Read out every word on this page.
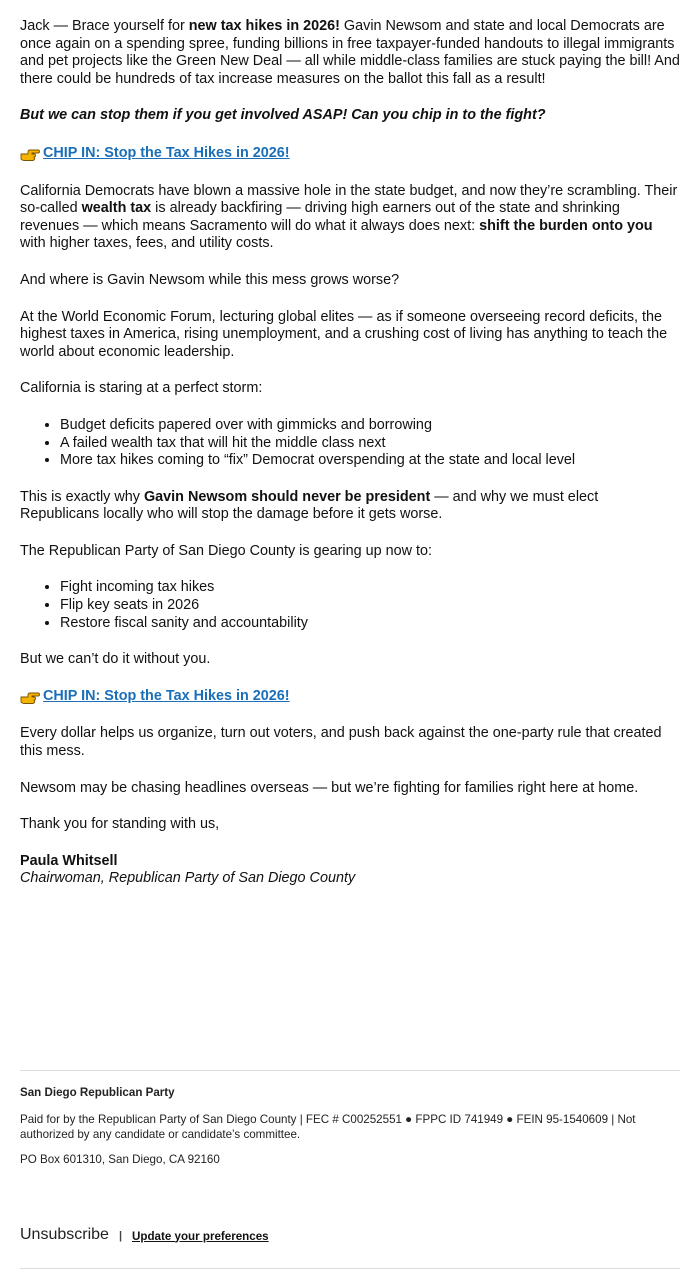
Jack — Brace yourself for new tax hikes in 2026! Gavin Newsom and state and local Democrats are once again on a spending spree, funding billions in free taxpayer-funded handouts to illegal immigrants and pet projects like the Green New Deal — all while middle-class families are stuck paying the bill! And there could be hundreds of tax increase measures on the ballot this fall as a result!

But we can stop them if you get involved ASAP! Can you chip in to the fight?

CHIP IN: Stop the Tax Hikes in 2026!

California Democrats have blown a massive hole in the state budget, and now they’re scrambling. Their so-called wealth tax is already backfiring — driving high earners out of the state and shrinking revenues — which means Sacramento will do what it always does next: shift the burden onto you with higher taxes, fees, and utility costs.

And where is Gavin Newsom while this mess grows worse?

At the World Economic Forum, lecturing global elites — as if someone overseeing record deficits, the highest taxes in America, rising unemployment, and a crushing cost of living has anything to teach the world about economic leadership.

California is staring at a perfect storm:

• Budget deficits papered over with gimmicks and borrowing
• A failed wealth tax that will hit the middle class next
• More tax hikes coming to “fix” Democrat overspending at the state and local level

This is exactly why Gavin Newsom should never be president — and why we must elect Republicans locally who will stop the damage before it gets worse.

The Republican Party of San Diego County is gearing up now to:

• Fight incoming tax hikes
• Flip key seats in 2026
• Restore fiscal sanity and accountability

But we can’t do it without you.

CHIP IN: Stop the Tax Hikes in 2026!

Every dollar helps us organize, turn out voters, and push back against the one-party rule that created this mess.

Newsom may be chasing headlines overseas — but we’re fighting for families right here at home.

Thank you for standing with us,

Paula Whitsell

Chairwoman, Republican Party of San Diego County

San Diego Republican Party

Paid for by the Republican Party of San Diego County | FEC # C00252551 ● FPPC ID 741949 ● FEIN 95-1540609 | Not authorized by any candidate or candidate’s committee.

PO Box 601310, San Diego, CA 92160

Unsubscribe | Update your preferences
